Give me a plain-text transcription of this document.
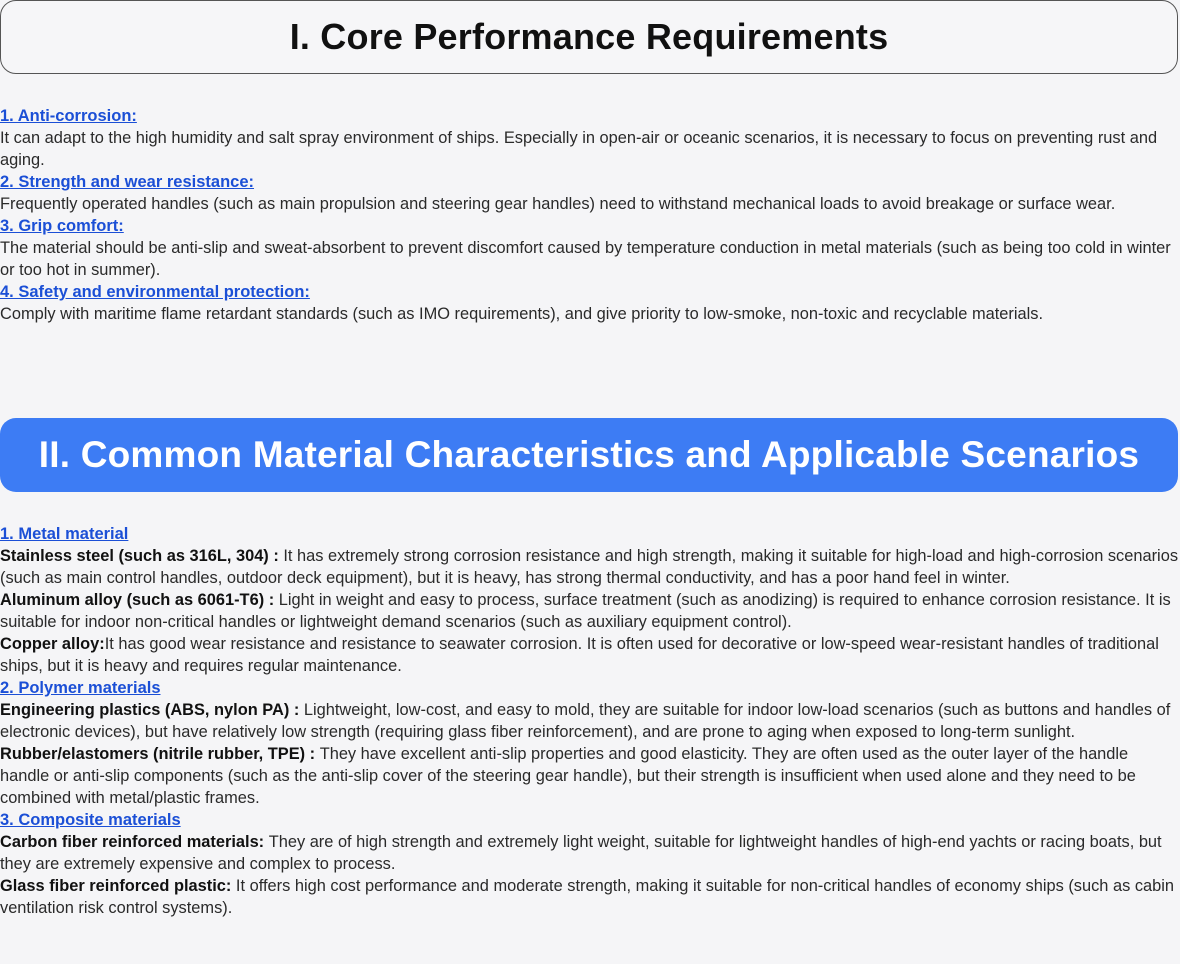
I. Core Performance Requirements

1. Anti-corrosion:

It can adapt to the high humidity and salt spray environment of ships. Especially in open-air or oceanic scenarios, it is necessary to focus on preventing rust and aging.

2. Strength and wear resistance:

Frequently operated handles (such as main propulsion and steering gear handles) need to withstand mechanical loads to avoid breakage or surface wear.

3. Grip comfort:

The material should be anti-slip and sweat-absorbent to prevent discomfort caused by temperature conduction in metal materials (such as being too cold in winter or too hot in summer).

4. Safety and environmental protection:

Comply with maritime flame retardant standards (such as IMO requirements), and give priority to low-smoke, non-toxic and recyclable materials.

II. Common Material Characteristics and Applicable Scenarios

1. Metal material

Stainless steel (such as 316L, 304) : It has extremely strong corrosion resistance and high strength, making it suitable for high-load and high-corrosion scenarios (such as main control handles, outdoor deck equipment), but it is heavy, has strong thermal conductivity, and has a poor hand feel in winter.

Aluminum alloy (such as 6061-T6) : Light in weight and easy to process, surface treatment (such as anodizing) is required to enhance corrosion resistance. It is suitable for indoor non-critical handles or lightweight demand scenarios (such as auxiliary equipment control).

Copper alloy:It has good wear resistance and resistance to seawater corrosion. It is often used for decorative or low-speed wear-resistant handles of traditional ships, but it is heavy and requires regular maintenance.

2. Polymer materials

Engineering plastics (ABS, nylon PA) : Lightweight, low-cost, and easy to mold, they are suitable for indoor low-load scenarios (such as buttons and handles of electronic devices), but have relatively low strength (requiring glass fiber reinforcement), and are prone to aging when exposed to long-term sunlight.

Rubber/elastomers (nitrile rubber, TPE) : They have excellent anti-slip properties and good elasticity. They are often used as the outer layer of the handle handle or anti-slip components (such as the anti-slip cover of the steering gear handle), but their strength is insufficient when used alone and they need to be combined with metal/plastic frames.

3. Composite materials

Carbon fiber reinforced materials: They are of high strength and extremely light weight, suitable for lightweight handles of high-end yachts or racing boats, but they are extremely expensive and complex to process.

Glass fiber reinforced plastic: It offers high cost performance and moderate strength, making it suitable for non-critical handles of economy ships (such as cabin ventilation risk control systems).
